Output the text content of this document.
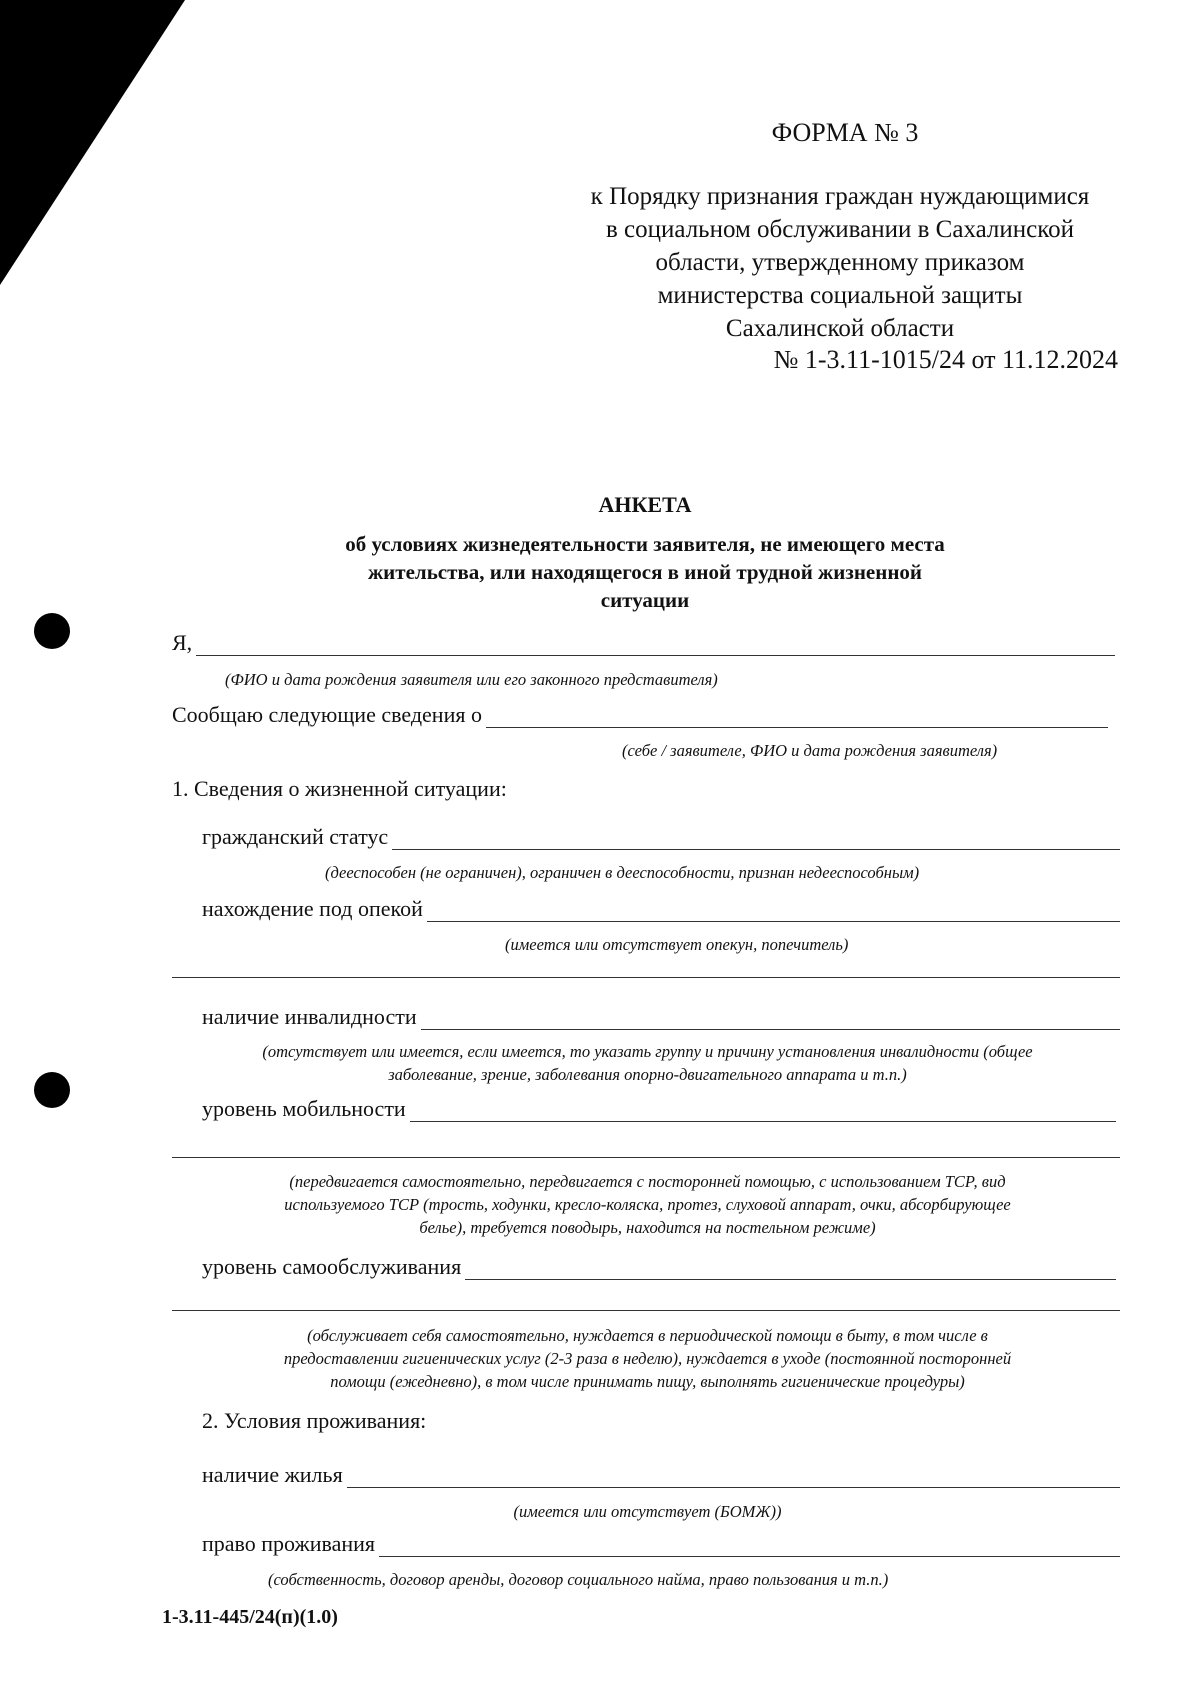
ФОРМА № 3

к Порядку признания граждан нуждающимися

в социальном обслуживании в Сахалинской

области, утвержденному приказом

министерства социальной защиты

Сахалинской области

№ 1-3.11-1015/24 от 11.12.2024

АНКЕТА

об условиях жизнедеятельности заявителя, не имеющего места
жительства, или находящегося в иной трудной жизненной
ситуации
Я,

(ФИО и дата рождения заявителя или его законного представителя)

Сообщаю следующие сведения о

(себе / заявителе, ФИО и дата рождения заявителя)

1. Сведения о жизненной ситуации:

гражданский статус

(дееспособен (не ограничен), ограничен в дееспособности, признан недееспособным)

нахождение под опекой

(имеется или отсутствует опекун, попечитель)

наличие инвалидности

(отсутствует или имеется, если имеется, то указать группу и причину установления инвалидности (общее
заболевание, зрение, заболевания опорно-двигательного аппарата и т.п.)

уровень мобильности

(передвигается самостоятельно, передвигается с посторонней помощью, с использованием ТСР, вид
используемого ТСР (трость, ходунки, кресло-коляска, протез, слуховой аппарат, очки, абсорбирующее
белье), требуется поводырь, находится на постельном режиме)

уровень самообслуживания

(обслуживает себя самостоятельно, нуждается в периодической помощи в быту, в том числе в
предоставлении гигиенических услуг (2-3 раза в неделю), нуждается в уходе (постоянной посторонней
помощи (ежедневно), в том числе принимать пищу, выполнять гигиенические процедуры)

2. Условия проживания:

наличие жилья

(имеется или отсутствует (БОМЖ))

право проживания

(собственность, договор аренды, договор социального найма, право пользования и т.п.)

1-3.11-445/24(п)(1.0)
